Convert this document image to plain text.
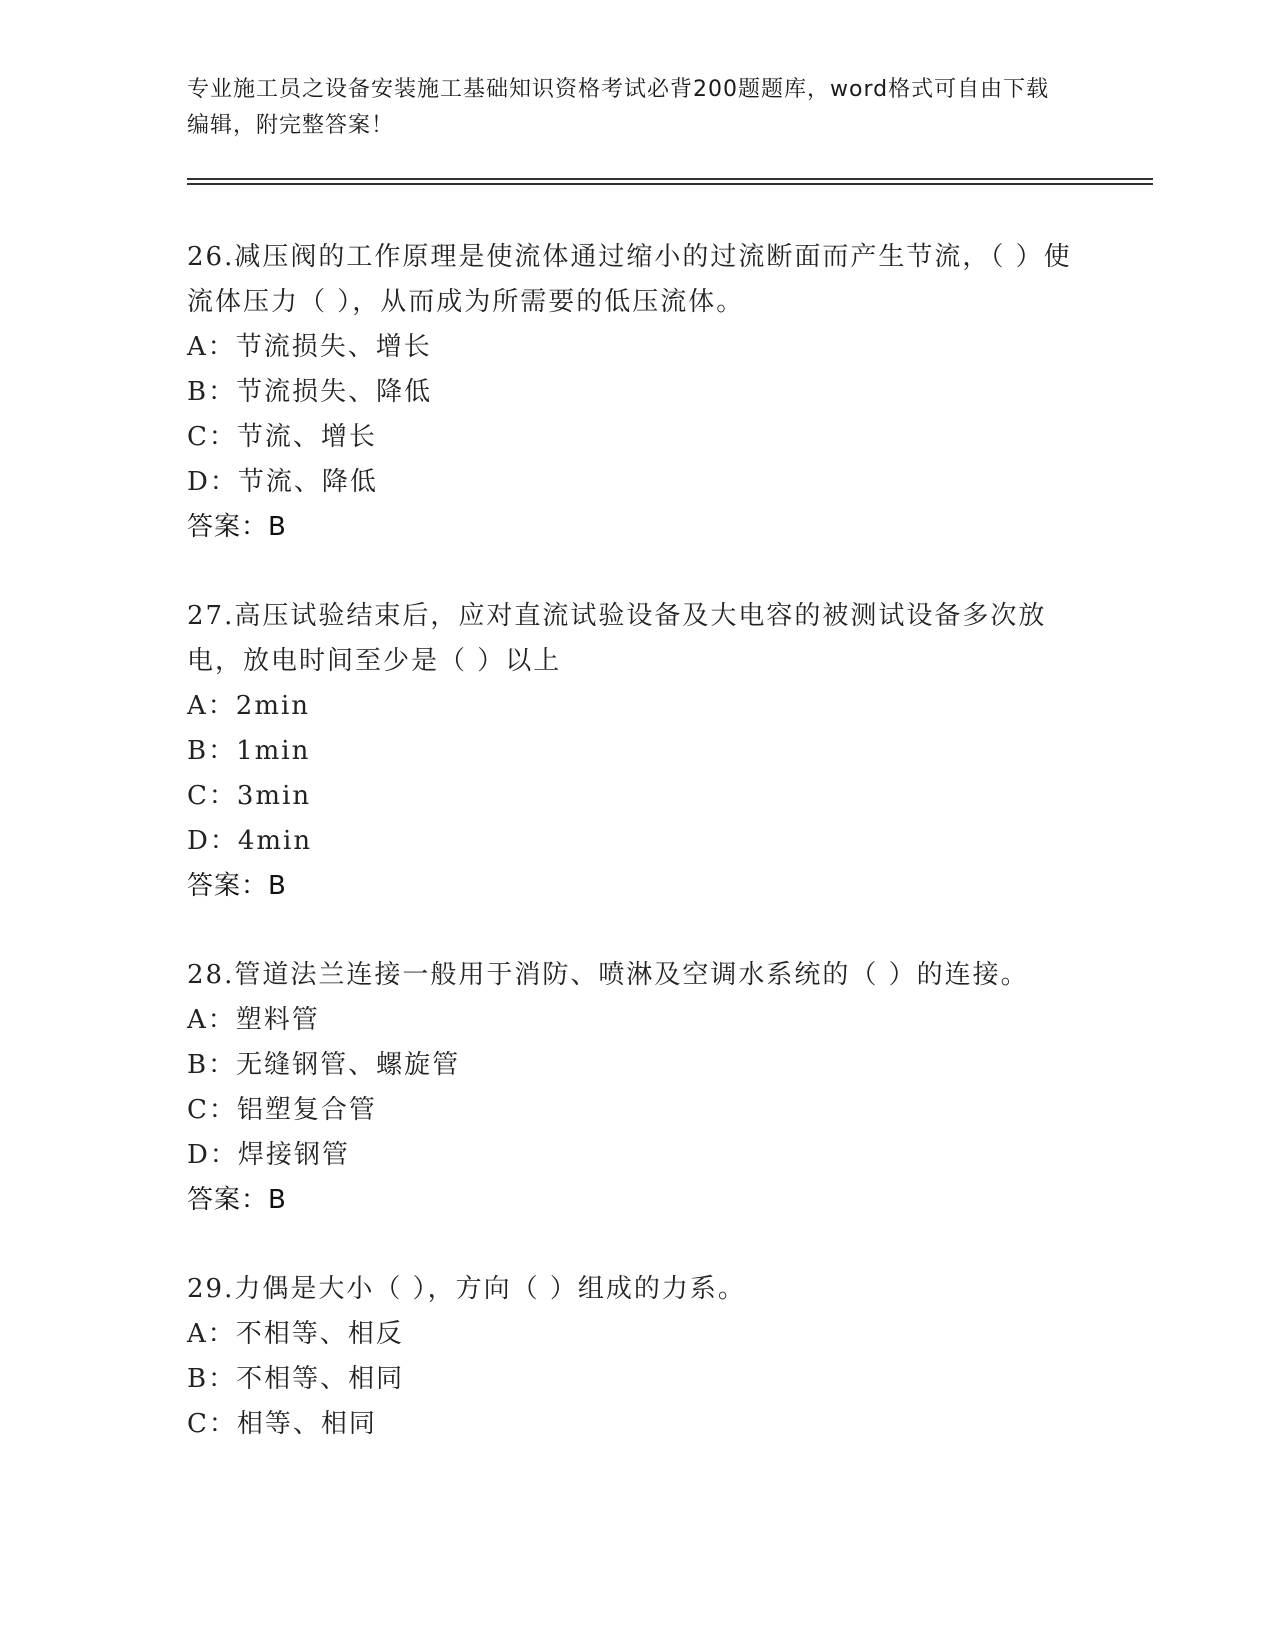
专业施工员之设备安装施工基础知识资格考试必背200题题库，word格式可自由下载编辑，附完整答案！
26.减压阀的工作原理是使流体通过缩小的过流断面而产生节流，（ ）使流体压力（ ），从而成为所需要的低压流体。
A：节流损失、增长
B：节流损失、降低
C：节流、增长
D：节流、降低
答案：B
27.高压试验结束后，应对直流试验设备及大电容的被测试设备多次放电，放电时间至少是（ ）以上
A：2min
B：1min
C：3min
D：4min
答案：B
28.管道法兰连接一般用于消防、喷淋及空调水系统的（ ）的连接。
A：塑料管
B：无缝钢管、螺旋管
C：铝塑复合管
D：焊接钢管
答案：B
29.力偶是大小（ ），方向（ ）组成的力系。
A：不相等、相反
B：不相等、相同
C：相等、相同
